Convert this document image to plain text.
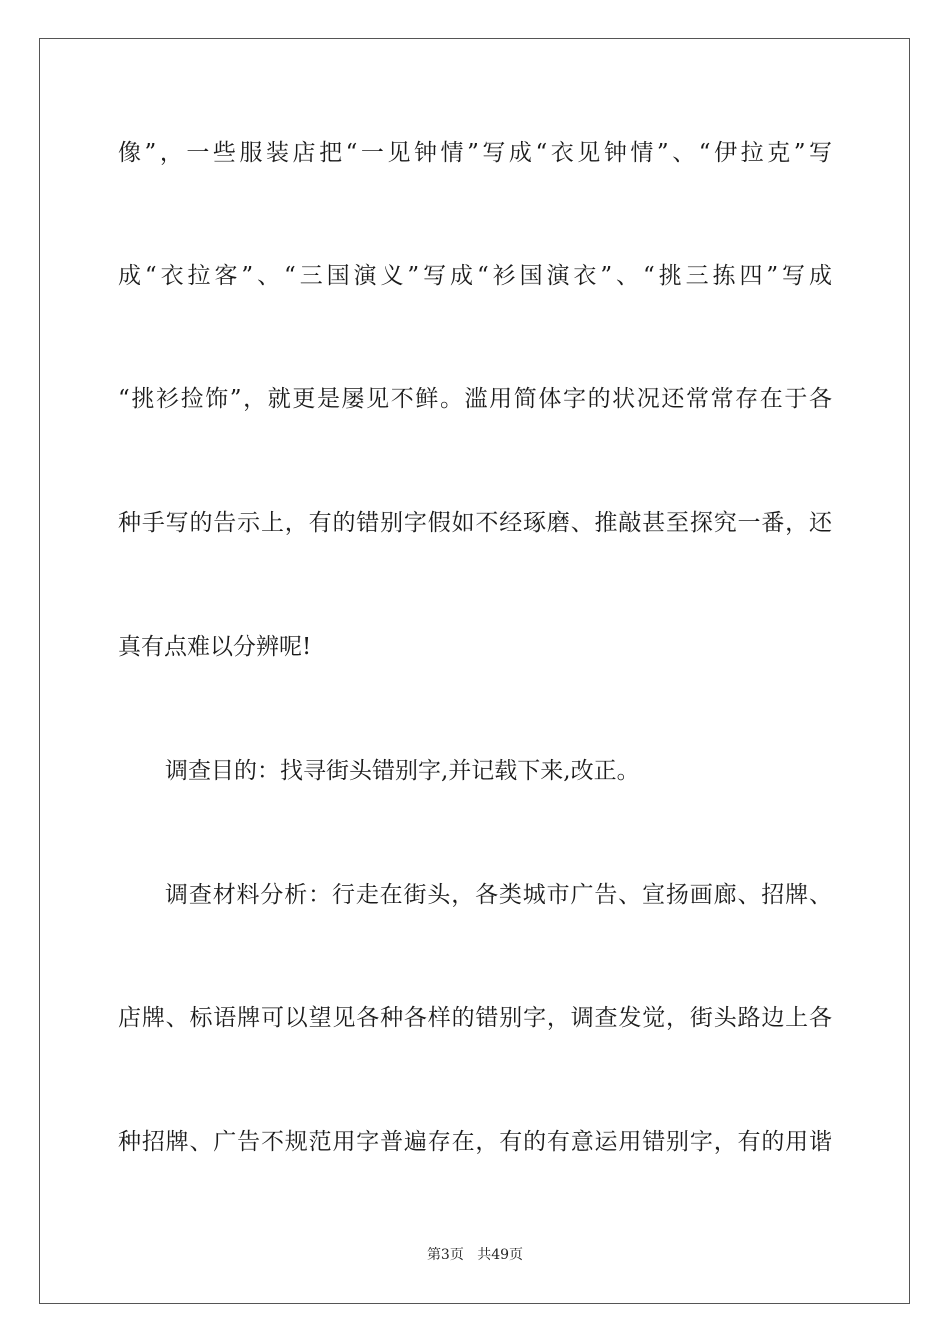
像”，一些服装店把“一见钟情”写成“衣见钟情”、“伊拉克”写
成“衣拉客”、“三国演义”写成“衫国演衣”、“挑三拣四”写成
“挑衫捡饰”，就更是屡见不鲜。滥用简体字的状况还常常存在于各
种手写的告示上，有的错别字假如不经琢磨、推敲甚至探究一番，还
真有点难以分辨呢!
调查目的：找寻街头错别字,并记载下来,改正。
调查材料分析：行走在街头，各类城市广告、宣扬画廊、招牌、
店牌、标语牌可以望见各种各样的错别字，调查发觉，街头路边上各
种招牌、广告不规范用字普遍存在，有的有意运用错别字，有的用谐
第3页 共49页
